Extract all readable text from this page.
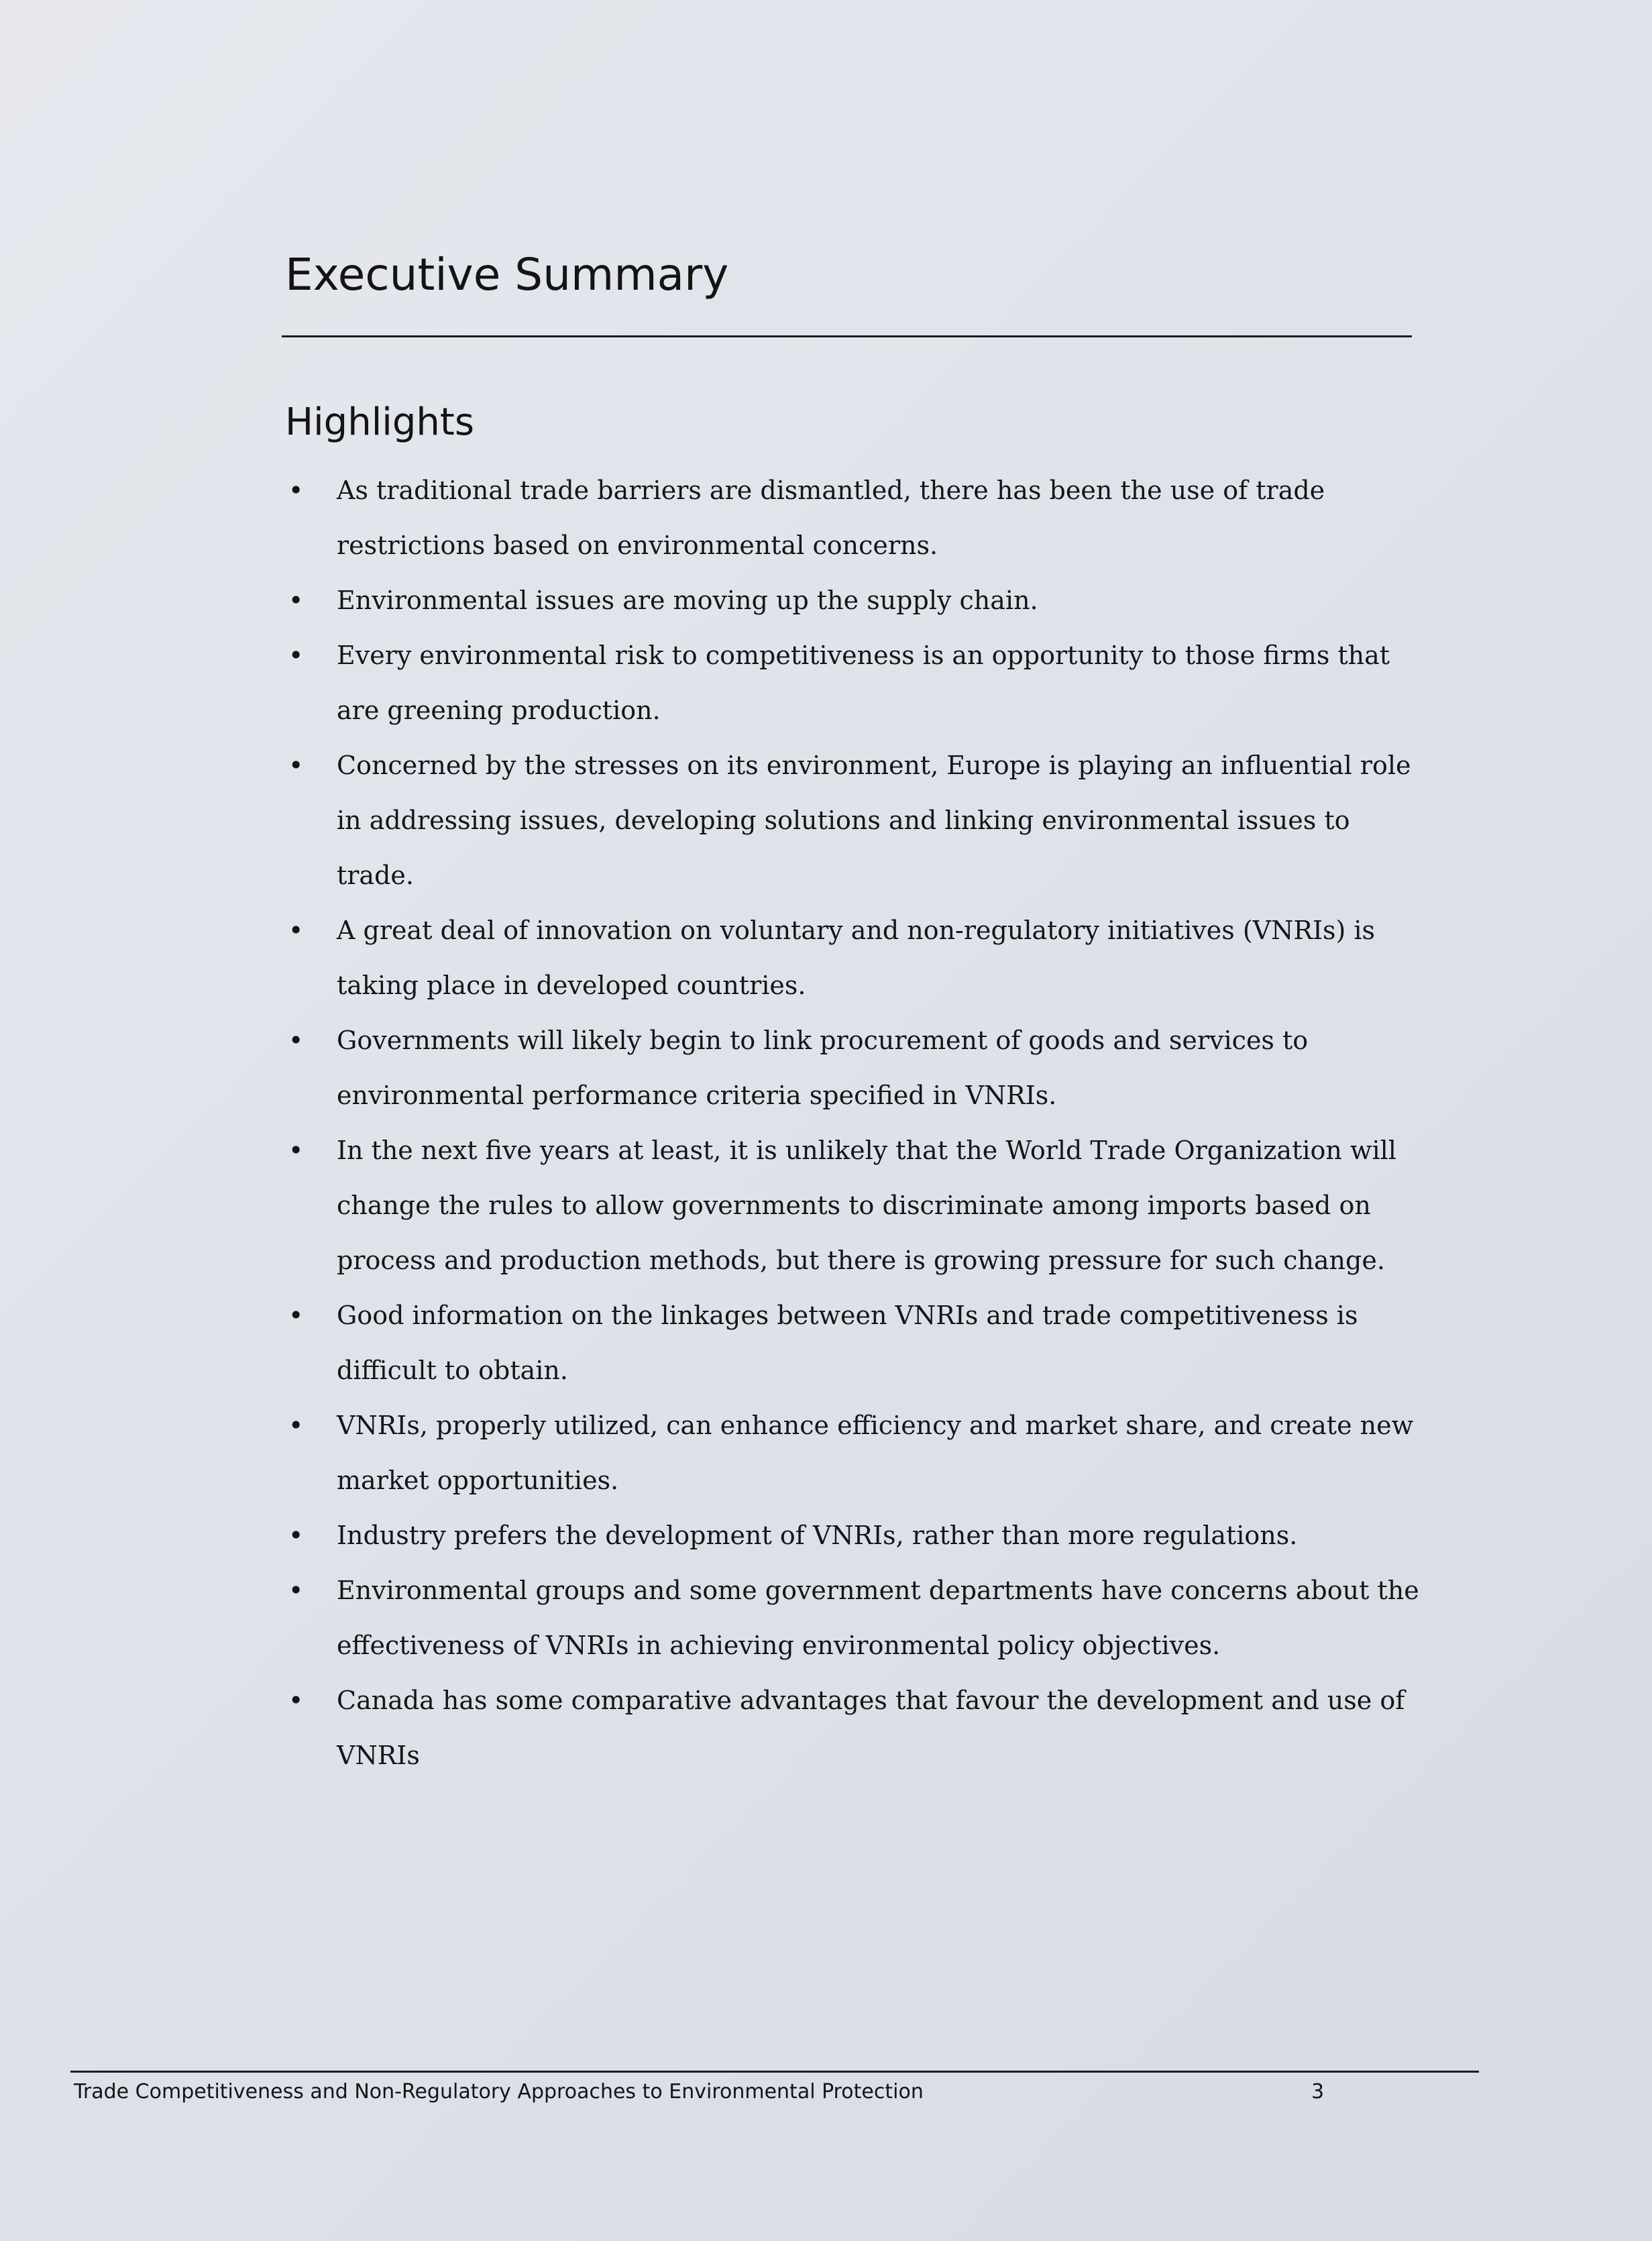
Executive Summary
Highlights
• As traditional trade barriers are dismantled, there has been the use of trade restrictions based on environmental concerns.
• Environmental issues are moving up the supply chain.
• Every environmental risk to competitiveness is an opportunity to those firms that are greening production.
• Concerned by the stresses on its environment, Europe is playing an influential role in addressing issues, developing solutions and linking environmental issues to trade.
• A great deal of innovation on voluntary and non-regulatory initiatives (VNRIs) is taking place in developed countries.
• Governments will likely begin to link procurement of goods and services to environmental performance criteria specified in VNRIs.
• In the next five years at least, it is unlikely that the World Trade Organization will change the rules to allow governments to discriminate among imports based on process and production methods, but there is growing pressure for such change.
• Good information on the linkages between VNRIs and trade competitiveness is difficult to obtain.
• VNRIs, properly utilized, can enhance efficiency and market share, and create new market opportunities.
• Industry prefers the development of VNRIs, rather than more regulations.
• Environmental groups and some government departments have concerns about the effectiveness of VNRIs in achieving environmental policy objectives.
• Canada has some comparative advantages that favour the development and use of VNRIs
Trade Competitiveness and Non-Regulatory Approaches to Environmental Protection	3
